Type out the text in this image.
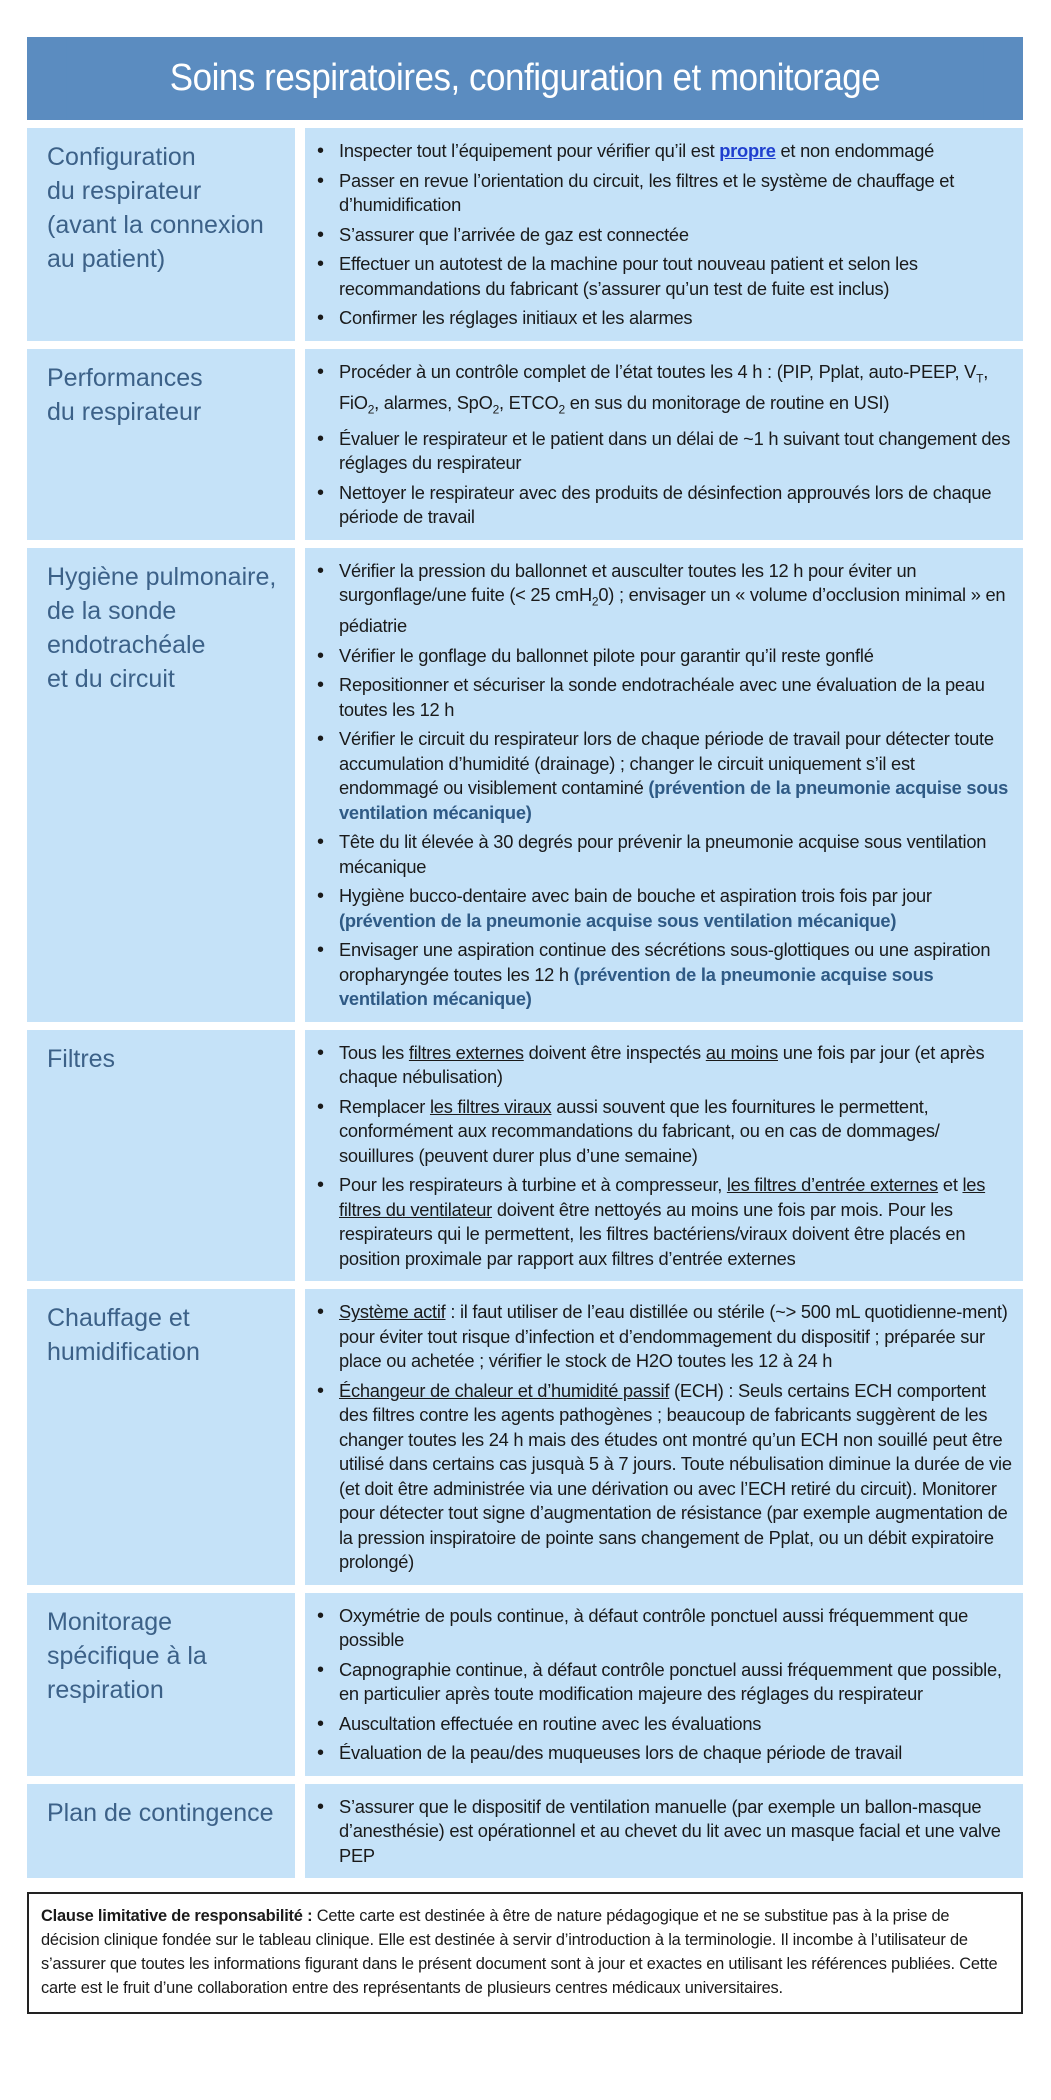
Soins respiratoires, configuration et monitorage
Configuration
du respirateur
(avant la connexion
au patient)
• Inspecter tout l’équipement pour vérifier qu’il est propre et non endommagé
• Passer en revue l’orientation du circuit, les filtres et le système de chauffage et d’humidification
• S’assurer que l’arrivée de gaz est connectée
• Effectuer un autotest de la machine pour tout nouveau patient et selon les recommandations du fabricant (s’assurer qu’un test de fuite est inclus)
• Confirmer les réglages initiaux et les alarmes
Performances
du respirateur
• Procéder à un contrôle complet de l’état toutes les 4 h : (PIP, Pplat, auto-PEEP, $V_T$, FiO$_2$, alarmes, SpO$_2$, $ETCO_2$ en sus du monitorage de routine en USI)
• Évaluer le respirateur et le patient dans un délai de ~1 h suivant tout changement des réglages du respirateur
• Nettoyer le respirateur avec des produits de désinfection approuvés lors de chaque période de travail
Hygiène pulmonaire,
de la sonde
endotrachéale
et du circuit
• Vérifier la pression du ballonnet et ausculter toutes les 12 h pour éviter un surgonflage/une fuite (< 25 cmH$_2$0) ; envisager un « volume d’occlusion minimal » en pédiatrie
• Vérifier le gonflage du ballonnet pilote pour garantir qu’il reste gonflé
• Repositionner et sécuriser la sonde endotrachéale avec une évaluation de la peau toutes les 12 h
• Vérifier le circuit du respirateur lors de chaque période de travail pour détecter toute accumulation d’humidité (drainage) ; changer le circuit uniquement s’il est endommagé ou visiblement contaminé (prévention de la pneumonie acquise sous ventilation mécanique)
• Tête du lit élevée à 30 degrés pour prévenir la pneumonie acquise sous ventilation mécanique
• Hygiène bucco-dentaire avec bain de bouche et aspiration trois fois par jour (prévention de la pneumonie acquise sous ventilation mécanique)
• Envisager une aspiration continue des sécrétions sous-glottiques ou une aspiration oropharyngée toutes les 12 h (prévention de la pneumonie acquise sous ventilation mécanique)
Filtres	• Tous les filtres externes doivent être inspectés au moins une fois par jour (et après chaque nébulisation)
• Remplacer les filtres viraux aussi souvent que les fournitures le permettent, conformément aux recommandations du fabricant, ou en cas de dommages/ souillures (peuvent durer plus d’une semaine)
• Pour les respirateurs à turbine et à compresseur, les filtres d’entrée externes et les filtres du ventilateur doivent être nettoyés au moins une fois par mois. Pour les respirateurs qui le permettent, les filtres bactériens/viraux doivent être placés en position proximale par rapport aux filtres d’entrée externes
Chauffage et
humidification
• Système actif : il faut utiliser de l’eau distillée ou stérile (~> 500 mL quotidienne-ment) pour éviter tout risque d’infection et d’endommagement du dispositif ; préparée sur place ou achetée ; vérifier le stock de H2O toutes les 12 à 24 h
• Échangeur de chaleur et d’humidité passif (ECH) : Seuls certains ECH comportent des filtres contre les agents pathogènes ; beaucoup de fabricants suggèrent de les changer toutes les 24 h mais des études ont montré qu’un ECH non souillé peut être utilisé dans certains cas jusquà 5 à 7 jours. Toute nébulisation diminue la durée de vie (et doit être administrée via une dérivation ou avec l’ECH retiré du circuit). Monitorer pour détecter tout signe d’augmentation de résistance (par exemple augmentation de la pression inspiratoire de pointe sans changement de Pplat, ou un débit expiratoire prolongé)
Monitorage
spécifique à la
respiration
• Oxymétrie de pouls continue, à défaut contrôle ponctuel aussi fréquemment que possible
• Capnographie continue, à défaut contrôle ponctuel aussi fréquemment que possible, en particulier après toute modification majeure des réglages du respirateur
• Auscultation effectuée en routine avec les évaluations
• Évaluation de la peau/des muqueuses lors de chaque période de travail
Plan de contingence	• S’assurer que le dispositif de ventilation manuelle (par exemple un ballon-masque d’anesthésie) est opérationnel et au chevet du lit avec un masque facial et une valve PEP
Clause limitative de responsabilité : Cette carte est destinée à être de nature pédagogique et ne se substitue pas à la prise de décision clinique fondée sur le tableau clinique. Elle est destinée à servir d’introduction à la terminologie. Il incombe à l’utilisateur de s’assurer que toutes les informations figurant dans le présent document sont à jour et exactes en utilisant les références publiées. Cette carte est le fruit d’une collaboration entre des représentants de plusieurs centres médicaux universitaires.
